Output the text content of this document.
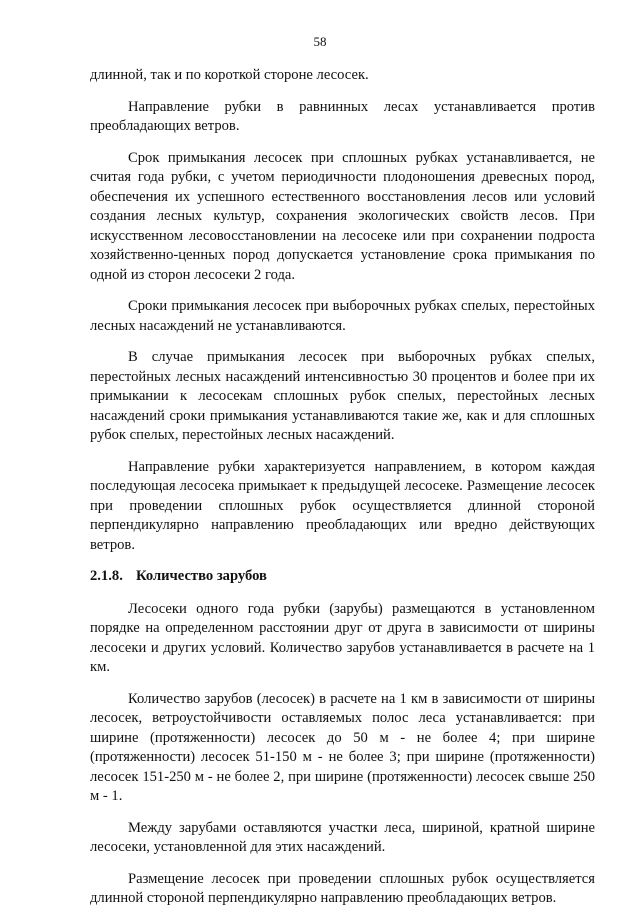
58

длинной, так и по короткой стороне лесосек.

Направление рубки в равнинных лесах устанавливается против преобладающих ветров.

Срок примыкания лесосек при сплошных рубках устанавливается, не считая года рубки, с учетом периодичности плодоношения древесных пород, обеспечения их успешного естественного восстановления лесов или условий создания лесных культур, сохранения экологических свойств лесов. При искусственном лесовосстановлении на лесосеке или при сохранении подроста хозяйственно-ценных пород допускается установление срока примыкания по одной из сторон лесосеки 2 года.

Сроки примыкания лесосек при выборочных рубках спелых, перестойных лесных насаждений не устанавливаются.

В случае примыкания лесосек при выборочных рубках спелых, перестойных лесных насаждений интенсивностью 30 процентов и более при их примыкании к лесосекам сплошных рубок спелых, перестойных лесных насаждений сроки примыкания устанавливаются такие же, как и для сплошных рубок спелых, перестойных лесных насаждений.

Направление рубки характеризуется направлением, в котором каждая последующая лесосека примыкает к предыдущей лесосеке. Размещение лесосек при проведении сплошных рубок осуществляется длинной стороной перпендикулярно направлению преобладающих или вредно действующих ветров.

2.1.8. Количество зарубов

Лесосеки одного года рубки (зарубы) размещаются в установленном порядке на определенном расстоянии друг от друга в зависимости от ширины лесосеки и других условий. Количество зарубов устанавливается в расчете на 1 км.

Количество зарубов (лесосек) в расчете на 1 км в зависимости от ширины лесосек, ветроустойчивости оставляемых полос леса устанавливается: при ширине (протяженности) лесосек до 50 м - не более 4; при ширине (протяженности) лесосек 51-150 м - не более 3; при ширине (протяженности) лесосек 151-250 м - не более 2, при ширине (протяженности) лесосек свыше 250 м - 1.

Между зарубами оставляются участки леса, шириной, кратной ширине лесосеки, установленной для этих насаждений.

Размещение лесосек при проведении сплошных рубок осуществляется длинной стороной перпендикулярно направлению преобладающих ветров.
